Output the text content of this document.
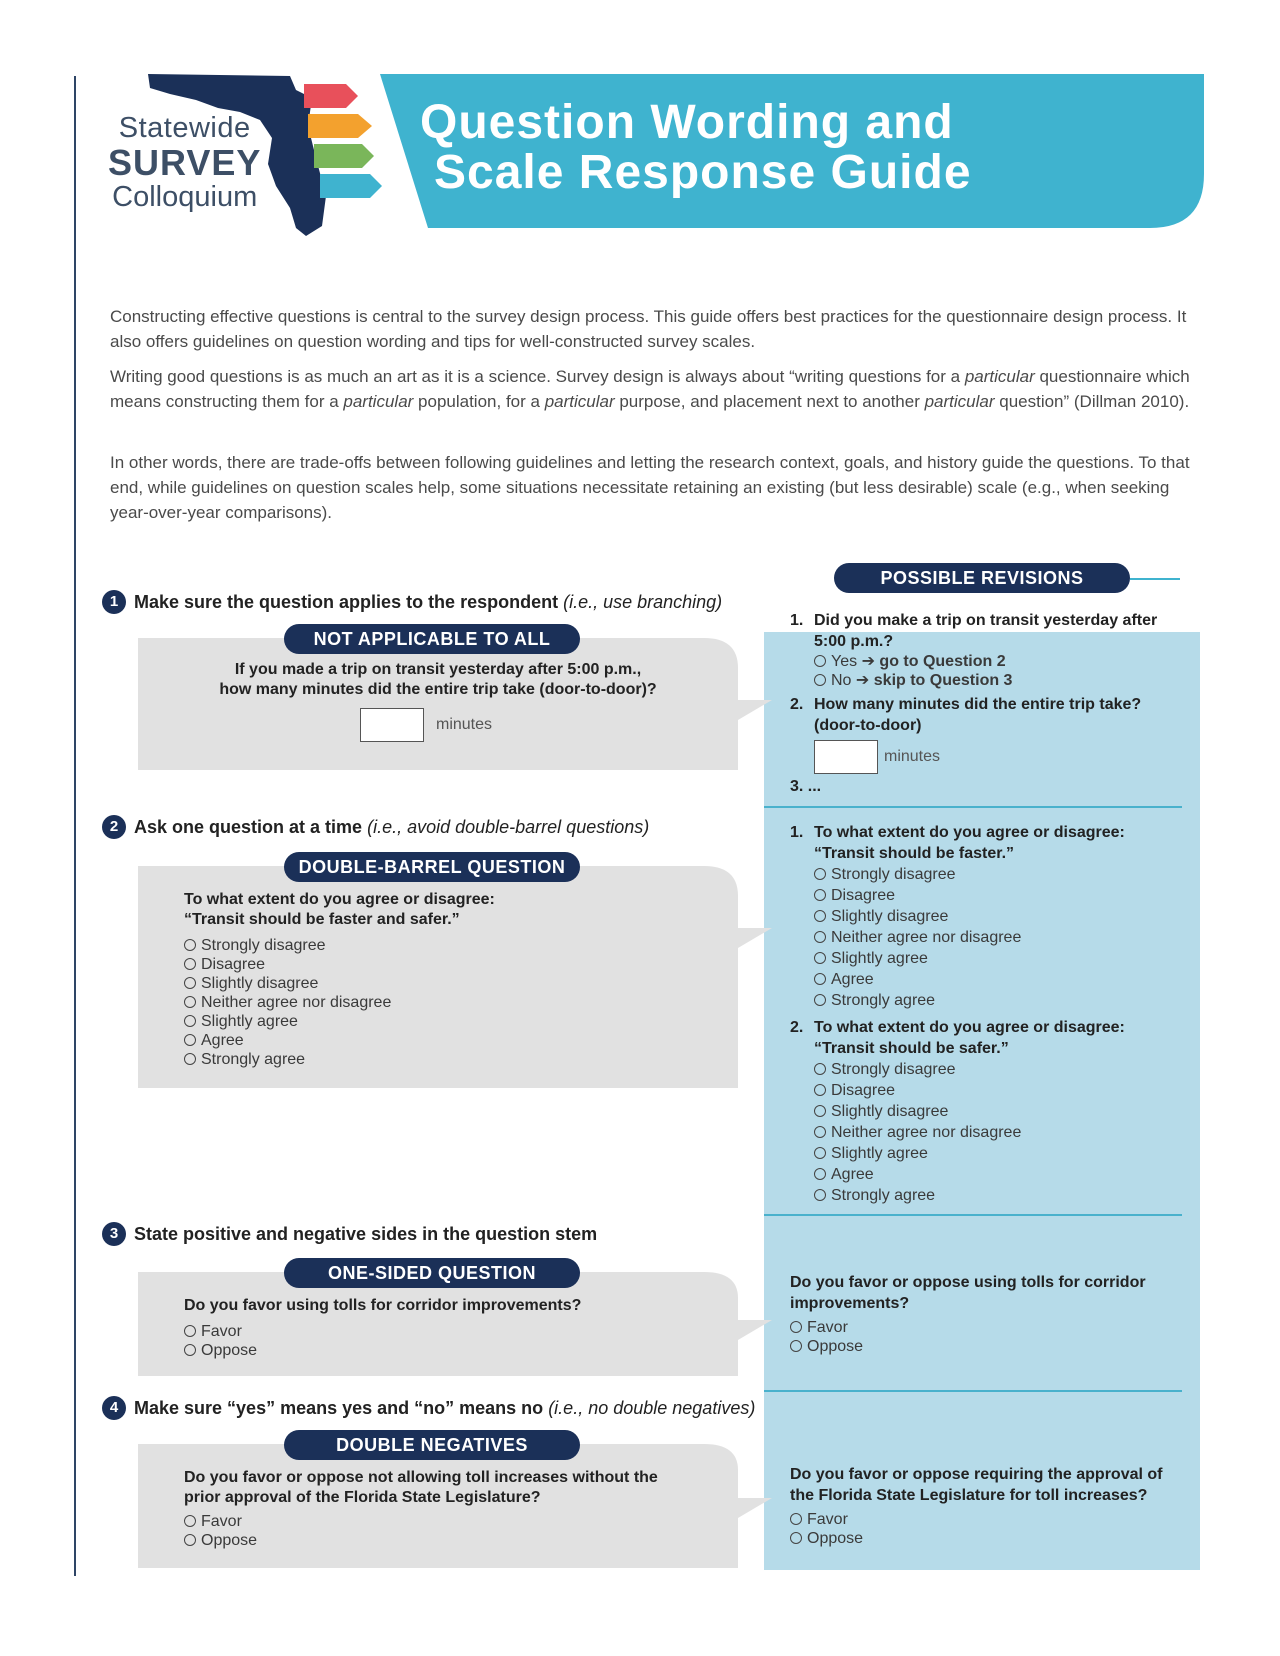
Statewide
SURVEY
Colloquium
Question Wording and
Scale Response Guide
INTRODUCTION

Constructing effective questions is central to the survey design process. This guide offers best practices for the questionnaire design process. It also offers guidelines on question wording and tips for well-constructed survey scales.

Writing good questions is as much an art as it is a science. Survey design is always about “writing questions for a particular questionnaire which means constructing them for a particular population, for a particular purpose, and placement next to another particular question” (Dillman 2010).

In other words, there are trade-offs between following guidelines and letting the research context, goals, and history guide the questions. To that end, while guidelines on question scales help, some situations necessitate retaining an existing (but less desirable) scale (e.g., when seeking year-over-year comparisons).

QUESTION WORDING CONSIDERATIONS
POSSIBLE REVISIONS
1 Make sure the question applies to the respondent
(i.e., use branching)
NOT APPLICABLE TO ALL
If you made a trip on transit yesterday after 5:00 p.m.,
how many minutes did the entire trip take (door-to-door)?
minutes
1. Did you make a trip on transit yesterday after
5:00 p.m.?
Yes ➔ go to Question 2
No ➔ skip to Question 3
2. How many minutes did the entire trip take?
(door-to-door)
minutes
3. ...
2 Ask one question at a time
(i.e., avoid double-barrel questions)
DOUBLE-BARREL QUESTION
To what extent do you agree or disagree:
“Transit should be faster and safer.”
Strongly disagree
Disagree
Slightly disagree
Neither agree nor disagree
Slightly agree
Agree
Strongly agree
1. To what extent do you agree or disagree:
“Transit should be faster.”
Strongly disagree
Disagree
Slightly disagree
Neither agree nor disagree
Slightly agree
Agree
Strongly agree
2. To what extent do you agree or disagree:
“Transit should be safer.”
Strongly disagree
Disagree
Slightly disagree
Neither agree nor disagree
Slightly agree
Agree
Strongly agree
3 State positive and negative sides in the question stem
ONE-SIDED QUESTION
Do you favor using tolls for corridor improvements?
Favor
Oppose
Do you favor or oppose using tolls for corridor
improvements?
Favor
Oppose
4 Make sure “yes” means yes and “no” means no
(i.e., no double negatives)
DOUBLE NEGATIVES
Do you favor or oppose not allowing toll increases without the
prior approval of the Florida State Legislature?
Favor
Oppose
Do you favor or oppose requiring the approval of
the Florida State Legislature for toll increases?
Favor
Oppose
